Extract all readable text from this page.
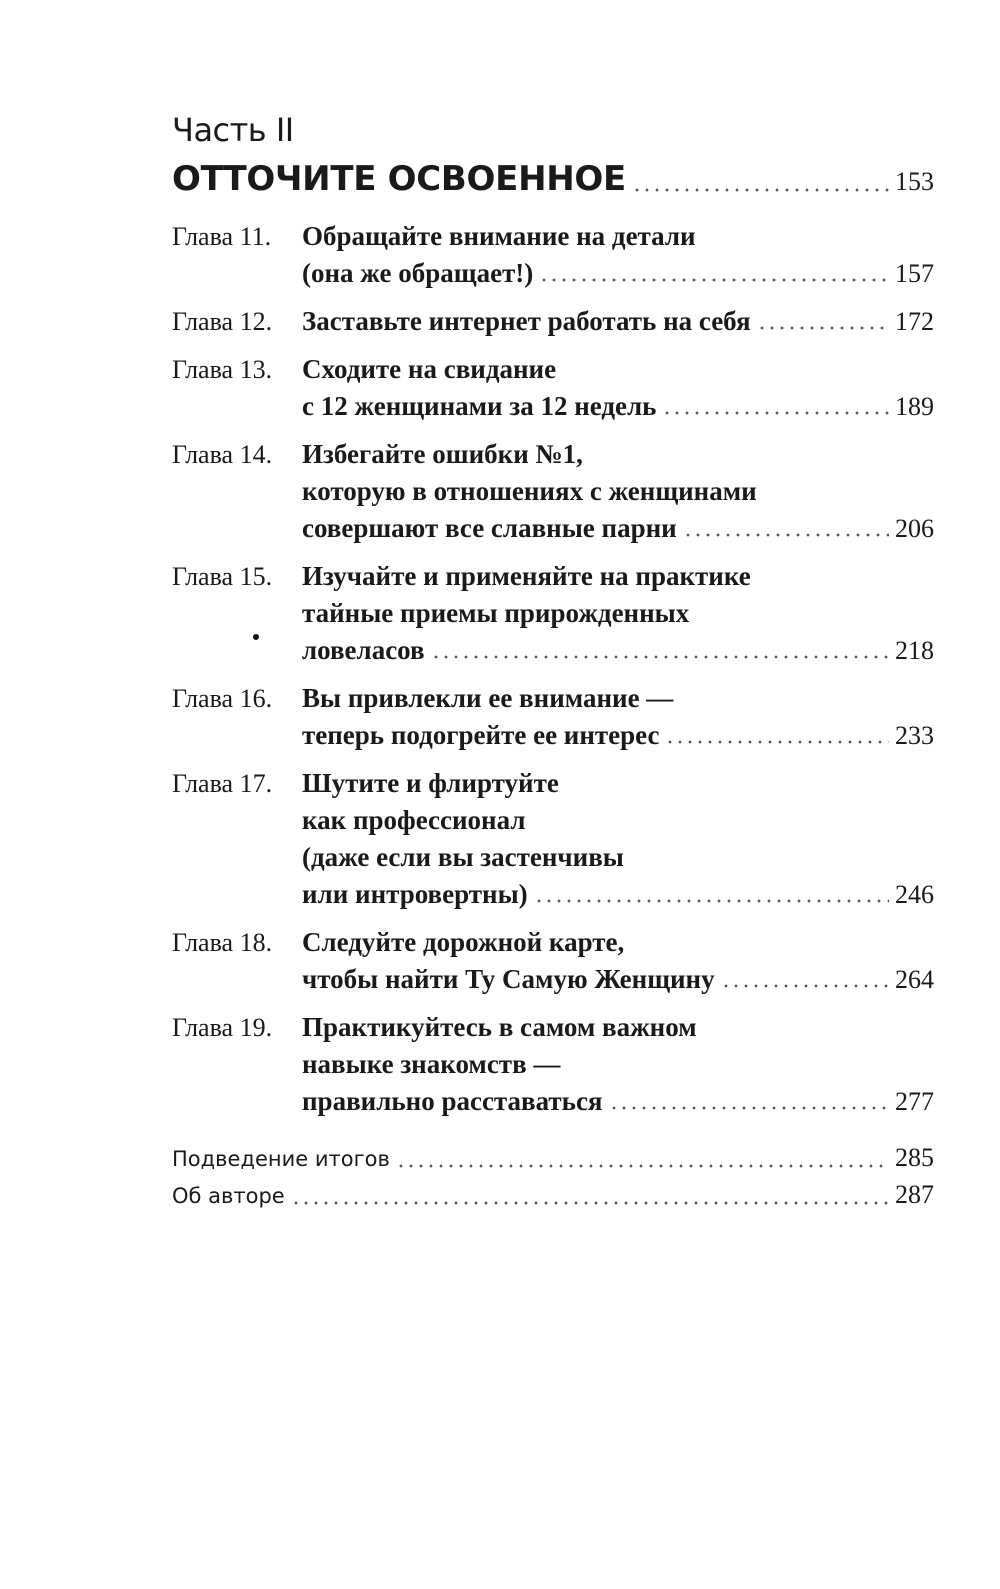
Часть II
ОТТОЧИТЕ ОСВОЕННОЕ	153
Глава 11.	Обращайте внимание на детали
(она же обращает!)	157
Глава 12.	Заставьте интернет работать на себя	172
Глава 13.	Сходите на свидание
с 12 женщинами за 12 недель	189
Глава 14.	Избегайте ошибки №1,
которую в отношениях с женщинами
совершают все славные парни	206
Глава 15.	Изучайте и применяйте на практике
тайные приемы прирожденных
ловеласов	218
Глава 16.	Вы привлекли ее внимание —
теперь подогрейте ее интерес	233
Глава 17.	Шутите и флиртуйте
как профессионал
(даже если вы застенчивы
или интровертны)	246
Глава 18.	Следуйте дорожной карте,
чтобы найти Ту Самую Женщину	264
Глава 19.	Практикуйтесь в самом важном
навыке знакомств —
правильно расставаться	277
Подведение итогов	285
Об авторе	287
